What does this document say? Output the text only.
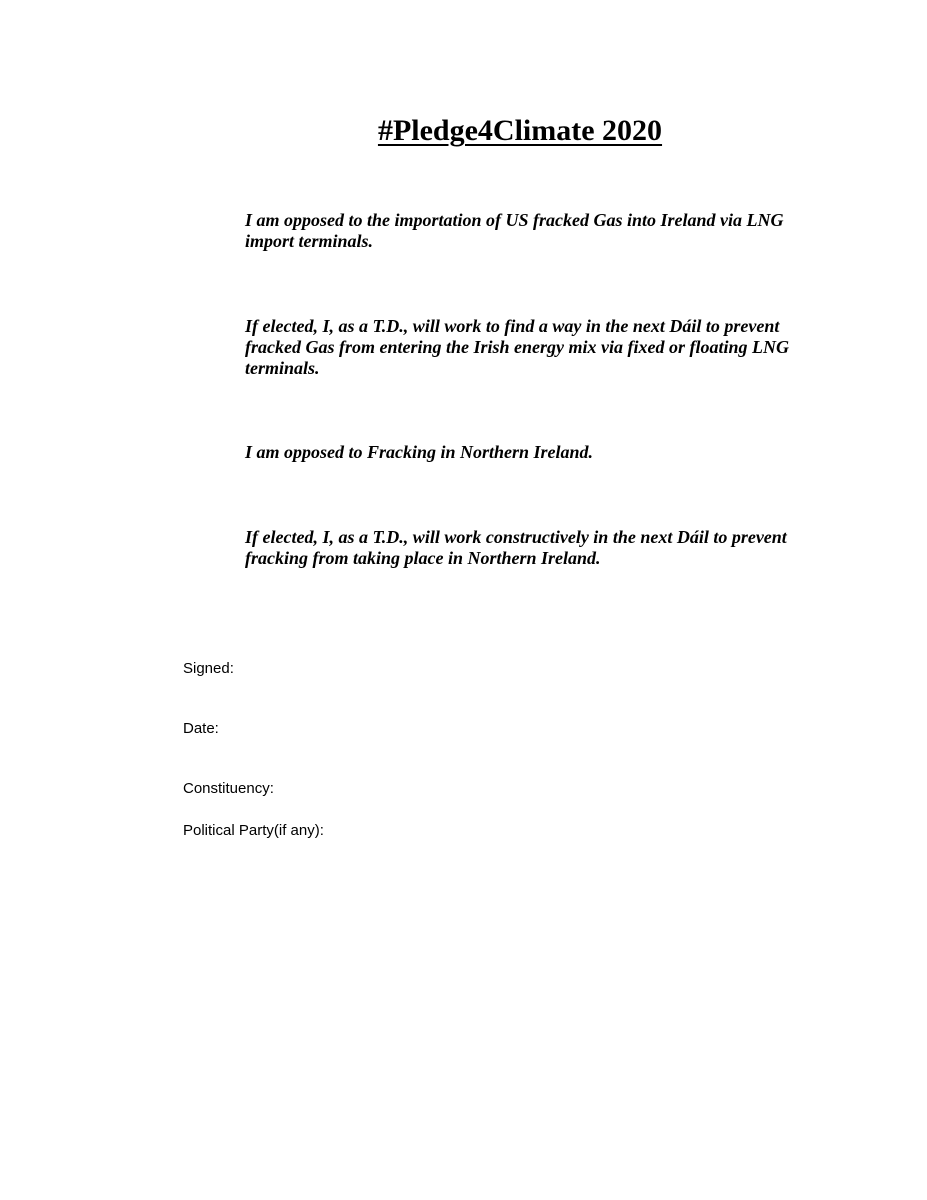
#Pledge4Climate 2020

I am opposed to the importation of US fracked Gas into Ireland via LNG import terminals.

If elected, I, as a T.D., will work to find a way in the next Dáil to prevent fracked Gas from entering the Irish energy mix via fixed or floating LNG terminals.

I am opposed to Fracking in Northern Ireland.

If elected, I, as a T.D., will work constructively in the next Dáil to prevent fracking from taking place in Northern Ireland.

Signed:
Date:
Constituency:
Political Party(if any):
